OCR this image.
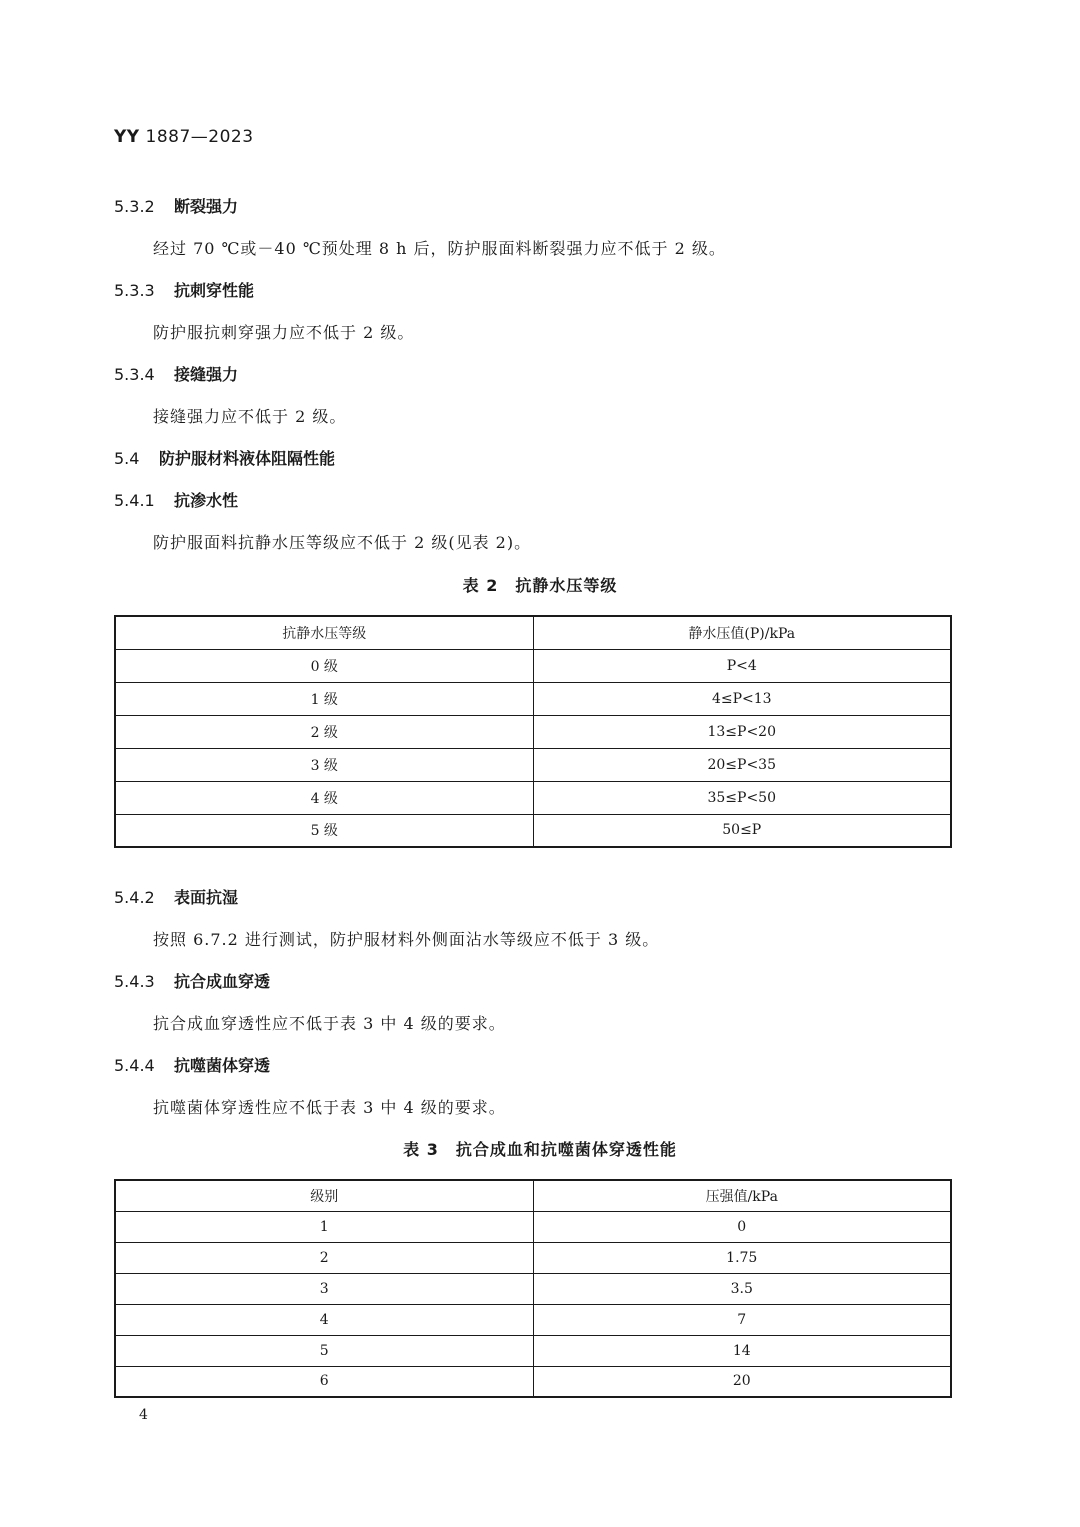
YY 1887—2023
5.3.2 断裂强力
经过 70 ℃或－40 ℃预处理 8 h 后，防护服面料断裂强力应不低于 2 级。
5.3.3 抗刺穿性能
防护服抗刺穿强力应不低于 2 级。
5.3.4 接缝强力
接缝强力应不低于 2 级。
5.4 防护服材料液体阻隔性能
5.4.1 抗渗水性
防护服面料抗静水压等级应不低于 2 级(见表 2)。
表 2　抗静水压等级
抗静水压等级	静水压值(P)/kPa
0 级	P<4
1 级	4≤P<13
2 级	13≤P<20
3 级	20≤P<35
4 级	35≤P<50
5 级	50≤P
5.4.2 表面抗湿
按照 6.7.2 进行测试，防护服材料外侧面沾水等级应不低于 3 级。
5.4.3 抗合成血穿透
抗合成血穿透性应不低于表 3 中 4 级的要求。
5.4.4 抗噬菌体穿透
抗噬菌体穿透性应不低于表 3 中 4 级的要求。
表 3　抗合成血和抗噬菌体穿透性能
级别	压强值/kPa
1	0
2	1.75
3	3.5
4	7
5	14
6	20
4
